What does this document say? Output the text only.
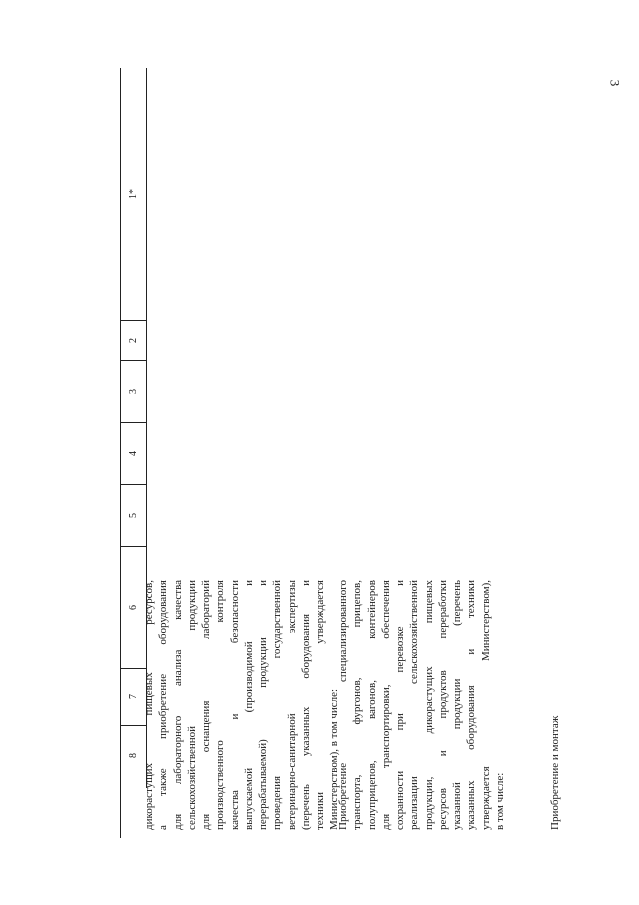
3
1*
2
3
4
5
6
7
8 дикорастущих пищевых ресурсов, а также приобретение оборудования для лабораторного анализа качества сельскохозяйственной продукции для оснащения лабораторий производственного контроля качества и безопасности выпускаемой (производимой и перерабатываемой) продукции и проведения государственной ветеринарно-санитарной экспертизы (перечень указанных оборудования и техники утверждается Министерством), в том числе:
Приобретение специализированного транспорта, фургонов, прицепов, полуприцепов, вагонов, контейнеров для транспортировки, обеспечения сохранности при перевозке и реализации сельскохозяйственной продукции, дикорастущих пищевых ресурсов и продуктов переработки указанной продукции (перечень указанных оборудования и техники утверждается Министерством), в том числе:	Приобретение и монтаж
